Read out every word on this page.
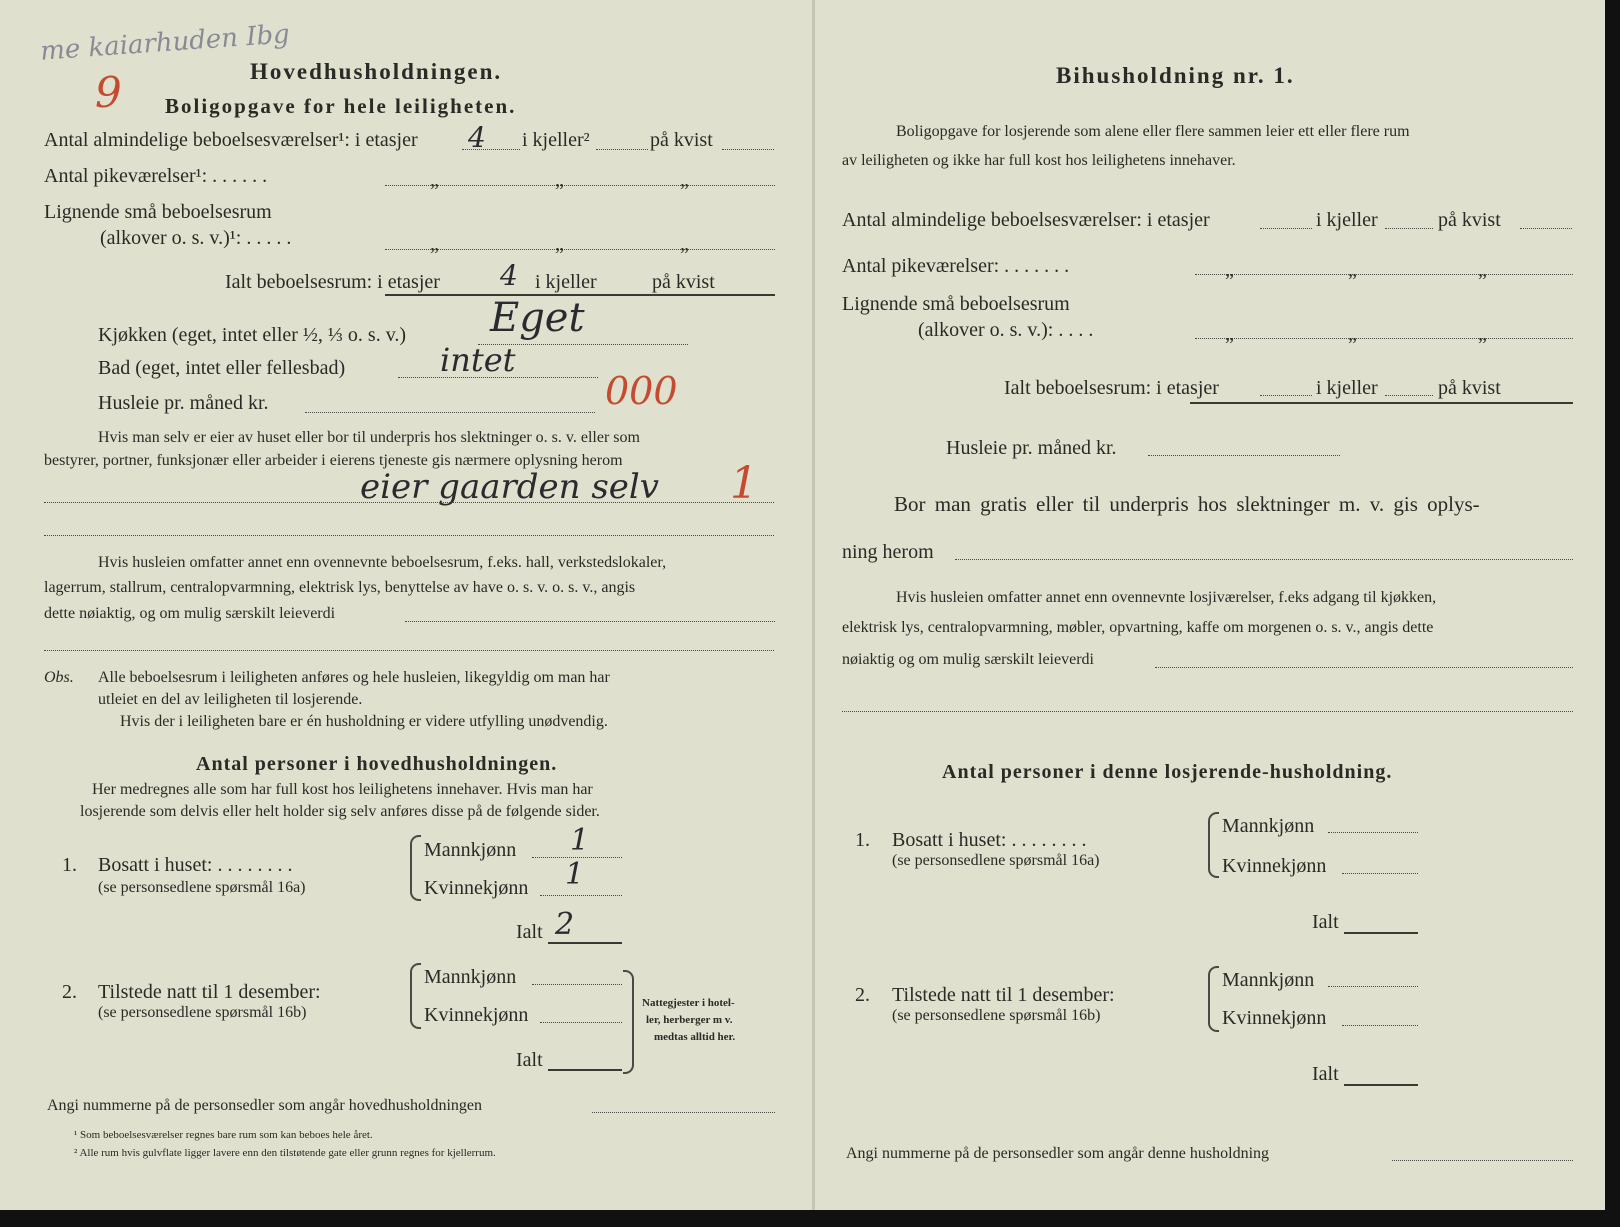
me kaiarhuden Ibg
9	Hovedhusholdningen.
Boligopgave for hele leiligheten.
Antal almindelige beboelsesværelser¹: i etasjer 4 i kjeller²	på kvist
Antal pikeværelser¹: . . . . . .	„	„	„
Lignende små beboelsesrum
(alkover o. s. v.)¹: . . . . .	„	„	„
Ialt beboelsesrum: i etasjer 4 i kjeller	på kvist
Kjøkken (eget, intet eller ½, ⅓ o. s. v.) Eget
Bad (eget, intet eller fellesbad)	intet
Husleie pr. måned kr.	000
Hvis man selv er eier av huset eller bor til underpris hos slektninger o. s. v. eller som
bestyrer, portner, funksjonær eller arbeider i eierens tjeneste gis nærmere oplysning herom
eier gaarden selv 1
Hvis husleien omfatter annet enn ovennevnte beboelsesrum, f.eks. hall, verkstedslokaler,
lagerrum, stallrum, centralopvarmning, elektrisk lys, benyttelse av have o. s. v. o. s. v., angis
dette nøiaktig, og om mulig særskilt leieverdi
Obs. Alle beboelsesrum i leiligheten anføres og hele husleien, likegyldig om man har
utleiet en del av leiligheten til losjerende.
Hvis der i leiligheten bare er én husholdning er videre utfylling unødvendig.
Antal personer i hovedhusholdningen.
Her medregnes alle som har full kost hos leilighetens innehaver. Hvis man har
losjerende som delvis eller helt holder sig selv anføres disse på de følgende sider.
1. Bosatt i huset: . . . . . . . .
(se personsedlene spørsmål 16a)
Mannkjønn 1
Kvinnekjønn 1
Ialt 2
2. Tilstede natt til 1 desember:
(se personsedlene spørsmål 16b)
Mannkjønn
Kvinnekjønn
Ialt
Nattegjester i hotel-
ler, herberger m v.
medtas alltid her.
Angi nummerne på de personsedler som angår hovedhusholdningen
¹ Som beboelsesværelser regnes bare rum som kan beboes hele året.
² Alle rum hvis gulvflate ligger lavere enn den tilstøtende gate eller grunn regnes for kjellerrum.
Bihusholdning nr. 1.
Boligopgave for losjerende som alene eller flere sammen leier ett eller flere rum
av leiligheten og ikke har full kost hos leilighetens innehaver.
Antal almindelige beboelsesværelser: i etasjer	i kjeller	på kvist
Antal pikeværelser: . . . . . . .	„	„	„
Lignende små beboelsesrum
(alkover o. s. v.): . . . .	„	„	„
Ialt beboelsesrum: i etasjer	i kjeller	på kvist
Husleie pr. måned kr.
Bor man gratis eller til underpris hos slektninger m. v. gis oplys-
ning herom
Hvis husleien omfatter annet enn ovennevnte losjiværelser, f.eks adgang til kjøkken,
elektrisk lys, centralopvarmning, møbler, opvartning, kaffe om morgenen o. s. v., angis dette
nøiaktig og om mulig særskilt leieverdi
Antal personer i denne losjerende-husholdning.
1. Bosatt i huset: . . . . . . . .
(se personsedlene spørsmål 16a)
Mannkjønn
Kvinnekjønn
Ialt
2. Tilstede natt til 1 desember:
(se personsedlene spørsmål 16b)
Mannkjønn
Kvinnekjønn
Ialt
Angi nummerne på de personsedler som angår denne husholdning
